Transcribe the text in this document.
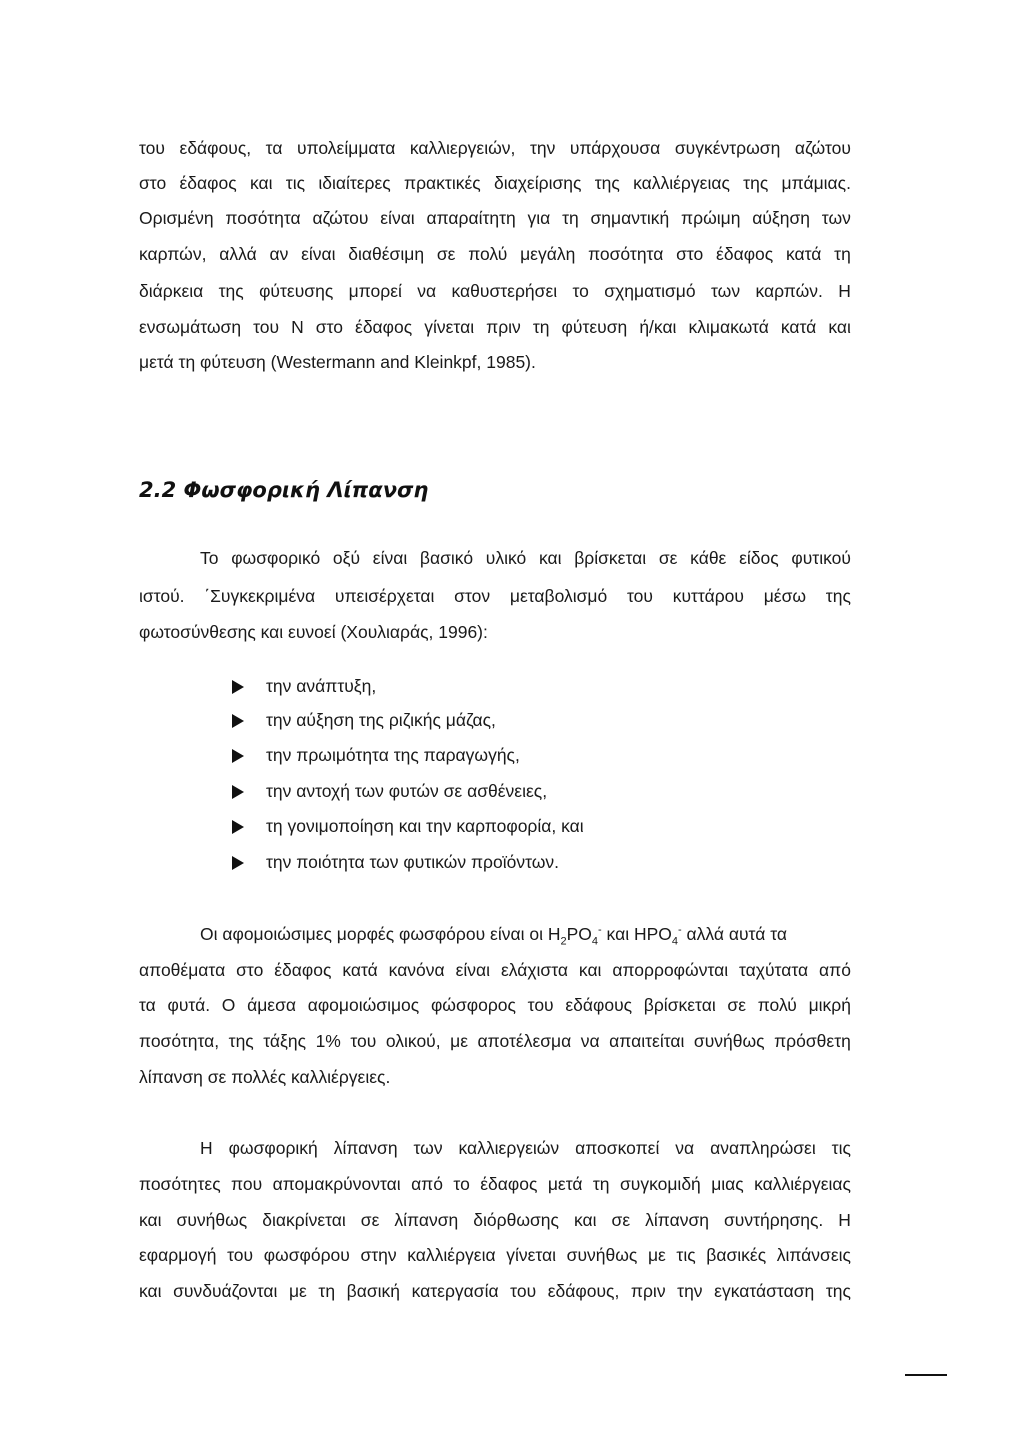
του εδάφους, τα υπολείμματα καλλιεργειών, την υπάρχουσα συγκέντρωση αζώτου
στο έδαφος και τις ιδιαίτερες πρακτικές διαχείρισης της καλλιέργειας της μπάμιας.
Ορισμένη ποσότητα αζώτου είναι απαραίτητη για τη σημαντική πρώιμη αύξηση των
καρπών, αλλά αν είναι διαθέσιμη σε πολύ μεγάλη ποσότητα στο έδαφος κατά τη
διάρκεια της φύτευσης μπορεί να καθυστερήσει το σχηματισμό των καρπών. Η
ενσωμάτωση του N στο έδαφος γίνεται πριν τη φύτευση ή/και κλιμακωτά κατά και
μετά τη φύτευση (Westermann and Kleinkpf, 1985).
2.2 Φωσφορική Λίπανση
Το φωσφορικό οξύ είναι βασικό υλικό και βρίσκεται σε κάθε είδος φυτικού
ιστού. ΄Συγκεκριμένα υπεισέρχεται στον μεταβολισμό του κυττάρου μέσω της
φωτοσύνθεσης και ευνοεί (Χουλιαράς, 1996):
την ανάπτυξη,
την αύξηση της ριζικής μάζας,
την πρωιμότητα της παραγωγής,
την αντοχή των φυτών σε ασθένειες,
τη γονιμοποίηση και την καρποφορία, και
την ποιότητα των φυτικών προϊόντων.
Οι αφομοιώσιμες μορφές φωσφόρου είναι οι $H_2PO_4^-$ και $HPO_4^-$ αλλά αυτά τα
αποθέματα στο έδαφος κατά κανόνα είναι ελάχιστα και απορροφώνται ταχύτατα από
τα φυτά. Ο άμεσα αφομοιώσιμος φώσφορος του εδάφους βρίσκεται σε πολύ μικρή
ποσότητα, της τάξης 1% του ολικού, με αποτέλεσμα να απαιτείται συνήθως πρόσθετη
λίπανση σε πολλές καλλιέργειες.
Η φωσφορική λίπανση των καλλιεργειών αποσκοπεί να αναπληρώσει τις
ποσότητες που απομακρύνονται από το έδαφος μετά τη συγκομιδή μιας καλλιέργειας
και συνήθως διακρίνεται σε λίπανση διόρθωσης και σε λίπανση συντήρησης. Η
εφαρμογή του φωσφόρου στην καλλιέργεια γίνεται συνήθως με τις βασικές λιπάνσεις
και συνδυάζονται με τη βασική κατεργασία του εδάφους, πριν την εγκατάσταση της
